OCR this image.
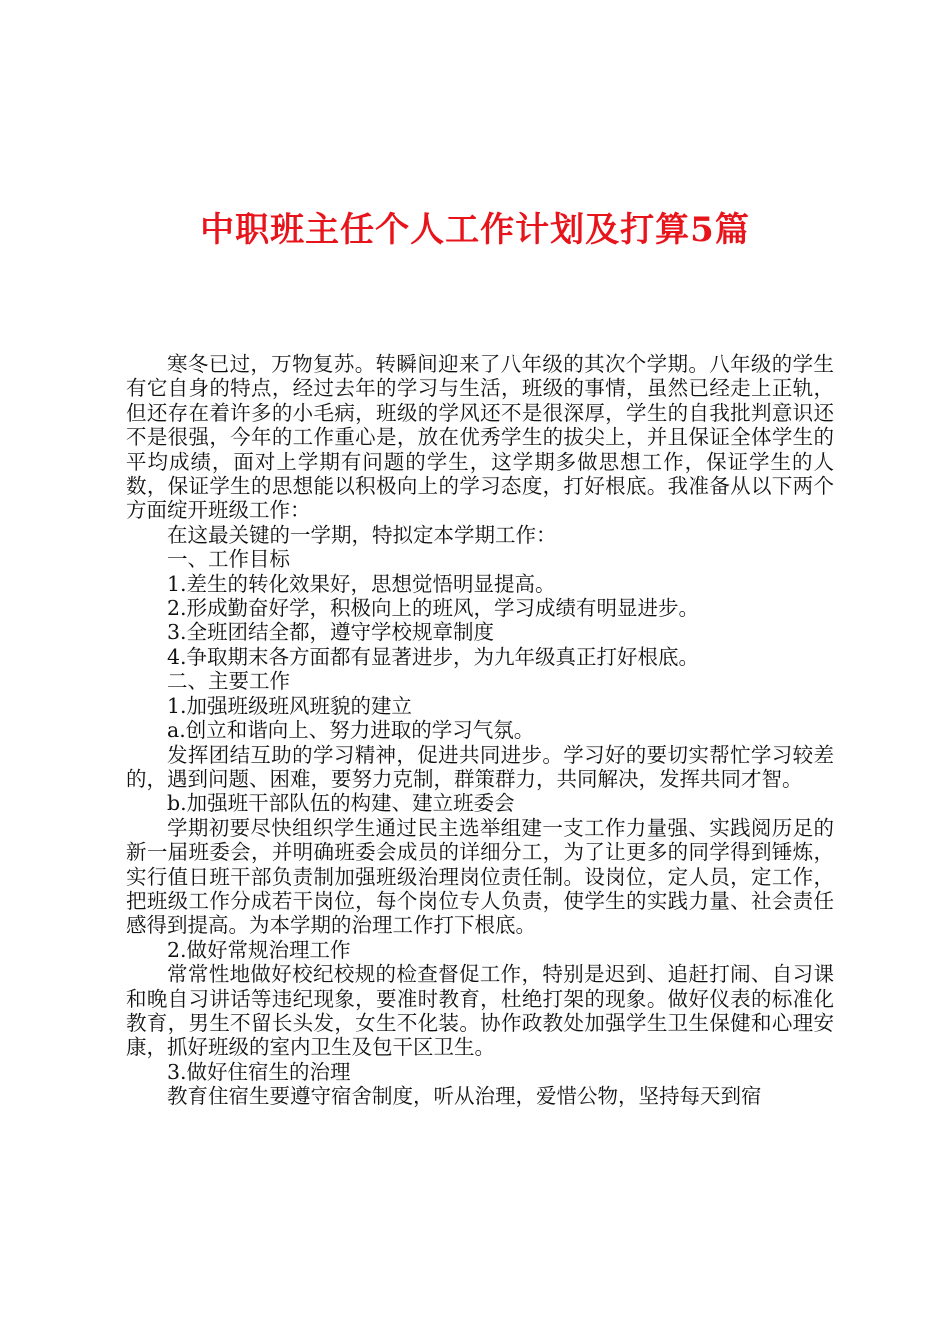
中职班主任个人工作计划及打算5篇

寒冬已过，万物复苏。转瞬间迎来了八年级的其次个学期。八年级的学生有它自身的特点，经过去年的学习与生活，班级的事情，虽然已经走上正轨，但还存在着许多的小毛病，班级的学风还不是很深厚，学生的自我批判意识还不是很强，今年的工作重心是，放在优秀学生的拔尖上，并且保证全体学生的平均成绩，面对上学期有问题的学生，这学期多做思想工作，保证学生的人数，保证学生的思想能以积极向上的学习态度，打好根底。我准备从以下两个方面绽开班级工作：

在这最关键的一学期，特拟定本学期工作：

一、工作目标

1.差生的转化效果好，思想觉悟明显提高。

2.形成勤奋好学，积极向上的班风，学习成绩有明显进步。

3.全班团结全都，遵守学校规章制度

4.争取期末各方面都有显著进步，为九年级真正打好根底。

二、主要工作

1.加强班级班风班貌的建立

a.创立和谐向上、努力进取的学习气氛。

发挥团结互助的学习精神，促进共同进步。学习好的要切实帮忙学习较差的，遇到问题、困难，要努力克制，群策群力，共同解决，发挥共同才智。

b.加强班干部队伍的构建、建立班委会

学期初要尽快组织学生通过民主选举组建一支工作力量强、实践阅历足的新一届班委会，并明确班委会成员的详细分工，为了让更多的同学得到锤炼，实行值日班干部负责制加强班级治理岗位责任制。设岗位，定人员，定工作，把班级工作分成若干岗位，每个岗位专人负责，使学生的实践力量、社会责任感得到提高。为本学期的治理工作打下根底。

2.做好常规治理工作

常常性地做好校纪校规的检查督促工作，特别是迟到、追赶打闹、自习课和晚自习讲话等违纪现象，要准时教育，杜绝打架的现象。做好仪表的标准化教育，男生不留长头发，女生不化装。协作政教处加强学生卫生保健和心理安康，抓好班级的室内卫生及包干区卫生。

3.做好住宿生的治理

教育住宿生要遵守宿舍制度，听从治理，爱惜公物，坚持每天到宿
